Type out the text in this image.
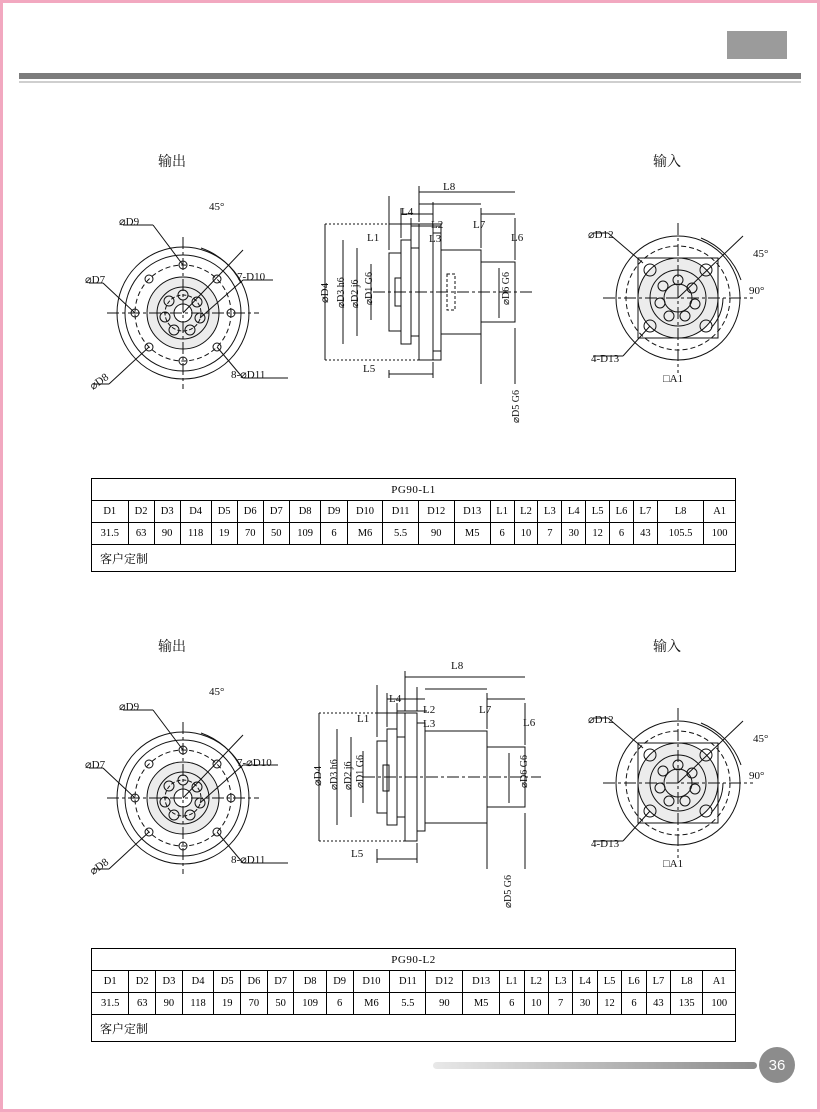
输出	输入
⌀D9
⌀D7
⌀D8
45°
7-D10
8-⌀D11
L8
L4
L2	L7
L1	L3	L6
⌀D4 ⌀D3 h6 ⌀D2 j6 ⌀D1 G6	⌀D6 G6
⌀D5 G6
L5
⌀D12
45°
90°
4-D13
□A1
PG90-L1																					
D1	D2	D3	D4	D5	D6	D7	D8	D9	D10	D11	D12	D13	L1	L2	L3	L4	L5	L6	L7	L8	A1
31.5	63	90	118	19	70	50	109	6	M6	5.5	90	M5	6	10	7	30	12	6	43	105.5	100
客户定制																					
输出	输入
⌀D9
⌀D7
⌀D8
45°
7-⌀D10
8-⌀D11
L8
L4
L2	L7
L1	L3	L6
⌀D4 ⌀D3 h6 ⌀D2 j6 ⌀D1 G6	⌀D6 G6
⌀D5 G6
L5
⌀D12
45°
90°
4-D13
□A1
PG90-L2																					
D1	D2	D3	D4	D5	D6	D7	D8	D9	D10	D11	D12	D13	L1	L2	L3	L4	L5	L6	L7	L8	A1
31.5	63	90	118	19	70	50	109	6	M6	5.5	90	M5	6	10	7	30	12	6	43	135	100
客户定制																					
36
